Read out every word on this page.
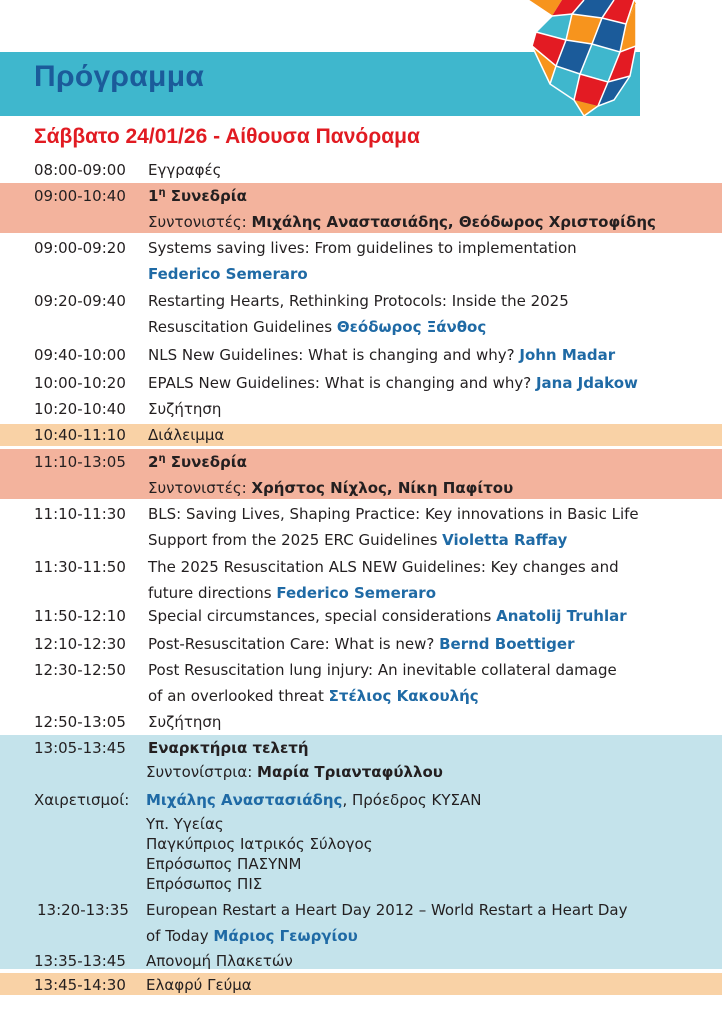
Πρόγραμμα
Σάββατο 24/01/26 - Αίθουσα Πανόραμα
08:00-09:00 Εγγραφές
09:00-10:40 $1^\eta$ Συνεδρία
Συντονιστές: Μιχάλης Αναστασιάδης, Θεόδωρος Χριστοφίδης
09:00-09:20 Systems saving lives: From guidelines to implementation
Federico Semeraro
09:20-09:40 Restarting Hearts, Rethinking Protocols: Inside the 2025
Resuscitation Guidelines Θεόδωρος Ξάνθος
09:40-10:00 NLS New Guidelines: What is changing and why? John Madar
10:00-10:20 EPALS New Guidelines: What is changing and why? Jana Jdakow
10:20-10:40 Συζήτηση
10:40-11:10 Διάλειμμα
11:10-13:05 $2^\eta$ Συνεδρία
Συντονιστές: Χρήστος Νίχλος, Νίκη Παφίτου
11:10-11:30 BLS: Saving Lives, Shaping Practice: Key innovations in Basic Life
Support from the 2025 ERC Guidelines Violetta Raffay
11:30-11:50 The 2025 Resuscitation ALS NEW Guidelines: Key changes and
future directions Federico Semeraro
11:50-12:10 Special circumstances, special considerations Anatolij Truhlar
12:10-12:30 Post-Resuscitation Care: What is new? Bernd Boettiger
12:30-12:50 Post Resuscitation lung injury: An inevitable collateral damage
of an overlooked threat Στέλιος Κακουλής
12:50-13:05 Συζήτηση
13:05-13:45 Εναρκτήρια τελετή
Συντονίστρια: Μαρία Τριανταφύλλου
Χαιρετισμοί: Μιχάλης Αναστασιάδης, Πρόεδρος ΚΥΣΑΝ
Υπ. Υγείας
Παγκύπριος Ιατρικός Σύλογος
Επρόσωπος ΠΑΣΥΝΜ
Επρόσωπος ΠΙΣ
13:20-13:35 European Restart a Heart Day 2012 – World Restart a Heart Day
of Today Μάριος Γεωργίου
13:35-13:45 Απονομή Πλακετών
13:45-14:30 Ελαφρύ Γεύμα
